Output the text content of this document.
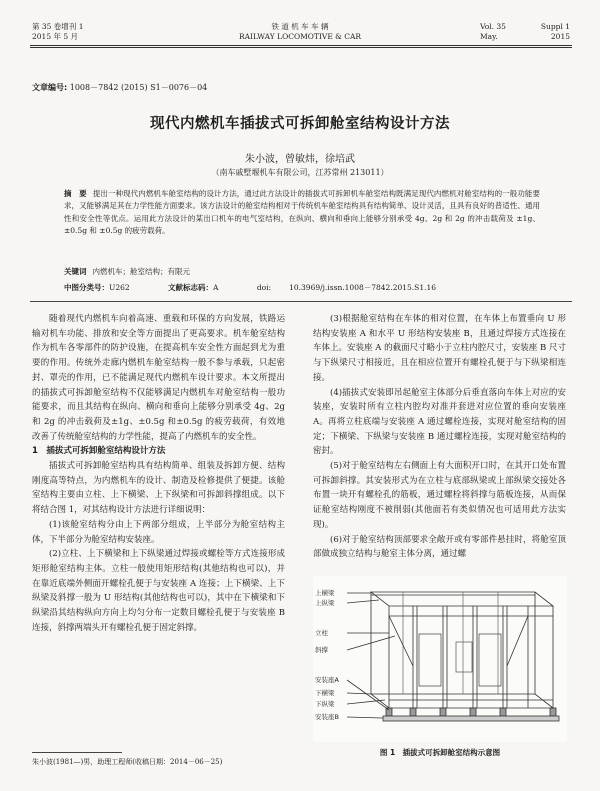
第 35 卷增刊 1
2015 年 5 月
铁 道 机 车 车 辆
RAILWAY LOCOMOTIVE & CAR
Vol. 35	Suppl 1
May.	2015
文章编号: 1008－7842 (2015) S1－0076－04
现代内燃机车插拔式可拆卸舱室结构设计方法
朱小波，曾敏炜，徐培武
（南车戚墅堰机车有限公司，江苏常州 213011）
摘　要 提出一种现代内燃机车舱室结构的设计方法，通过此方法设计的插拔式可拆卸机车舱室结构既满足现代内燃机对舱室结构的一般功能要求，又能够满足其在力学性能方面要求。该方法设计的舱室结构相对于传统机车舱室结构具有结构简单、设计灵活，且具有良好的普适性、通用性和安全性等优点。运用此方法设计的某出口机车的电气室结构，在纵向、横向和垂向上能够分别承受 4g、2g 和 2g 的冲击载荷及 ±1g、±0.5g 和 ±0.5g 的疲劳载荷。
关键词 内燃机车；舱室结构；有限元
中图分类号：U262	文献标志码：A	doi: 10.3969/j.issn.1008－7842.2015.S1.16

随着现代内燃机车向着高速、重载和环保的方向发展，铁路运输对机车功能、排放和安全等方面提出了更高要求。机车舱室结构作为机车各零部件的防护设施，在提高机车安全性方面起到尤为重要的作用。传统外走廊内燃机车舱室结构一般不参与承载，只起密封、罩壳的作用，已不能满足现代内燃机车设计要求。本文所提出的插拔式可拆卸舱室结构不仅能够满足内燃机车对舱室结构一般功能要求，而且其结构在纵向、横向和垂向上能够分别承受 4g、2g 和 2g 的冲击载荷及±1g、±0.5g 和±0.5g 的疲劳载荷，有效地改善了传统舱室结构的力学性能，提高了内燃机车的安全性。

1　插拔式可拆卸舱室结构设计方法

插拔式可拆卸舱室结构具有结构简单、组装及拆卸方便、结构刚度高等特点，为内燃机车的设计、制造及检修提供了便捷。该舱室结构主要由立柱、上下横梁、上下纵梁和可拆卸斜撑组成。以下将结合图 1，对其结构设计方法进行详细说明：

(1)该舱室结构分由上下两部分组成，上半部分为舱室结构主体，下半部分为舱室结构安装座。

(2)立柱、上下横梁和上下纵梁通过焊接或螺栓等方式连接形成矩形舱室结构主体。立柱一般使用矩形结构(其他结构也可以)，并在靠近底端外侧面开螺栓孔便于与安装座 A 连接；上下横梁、上下纵梁及斜撑一般为 U 形结构(其他结构也可以)，其中在下横梁和下纵梁沿其结构纵向方向上均匀分布一定数目螺栓孔便于与安装座 B 连接，斜撑两端头开有螺栓孔便于固定斜撑。

(3)根据舱室结构在车体的相对位置，在车体上布置垂向 U 形结构安装座 A 和水平 U 形结构安装座 B，且通过焊接方式连接在车体上。安装座 A 的截面尺寸略小于立柱内腔尺寸，安装座 B 尺寸与下纵梁尺寸相接近，且在相应位置开有螺栓孔便于与下纵梁相连接。

(4)插拔式安装即吊起舱室主体部分后垂直落向车体上对应的安装座，安装时所有立柱内腔均对准并套进对应位置的垂向安装座 A。再将立柱底端与安装座 A 通过螺栓连接，实现对舱室结构的固定；下横梁、下纵梁与安装座 B 通过螺栓连接，实现对舱室结构的密封。

(5)对于舱室结构左右侧面上有大面积开口时，在其开口处布置可拆卸斜撑。其安装形式为在立柱与底部纵梁或上部纵梁交接处各布置一块开有螺栓孔的筋板，通过螺栓将斜撑与筋板连接，从而保证舱室结构刚度不被削弱(其他面若有类似情况也可适用此方法实现)。

(6)对于舱室结构顶部要求全敞开或有零部件悬挂时，将舱室顶部做成独立结构与舱室主体分离，通过螺

上横梁
上纵梁
立柱
斜撑
安装座A
下横梁
下纵梁
安装座B
图 1　插拔式可拆卸舱室结构示意图
朱小波(1981—)男，助理工程师(收稿日期：2014－06－25)
